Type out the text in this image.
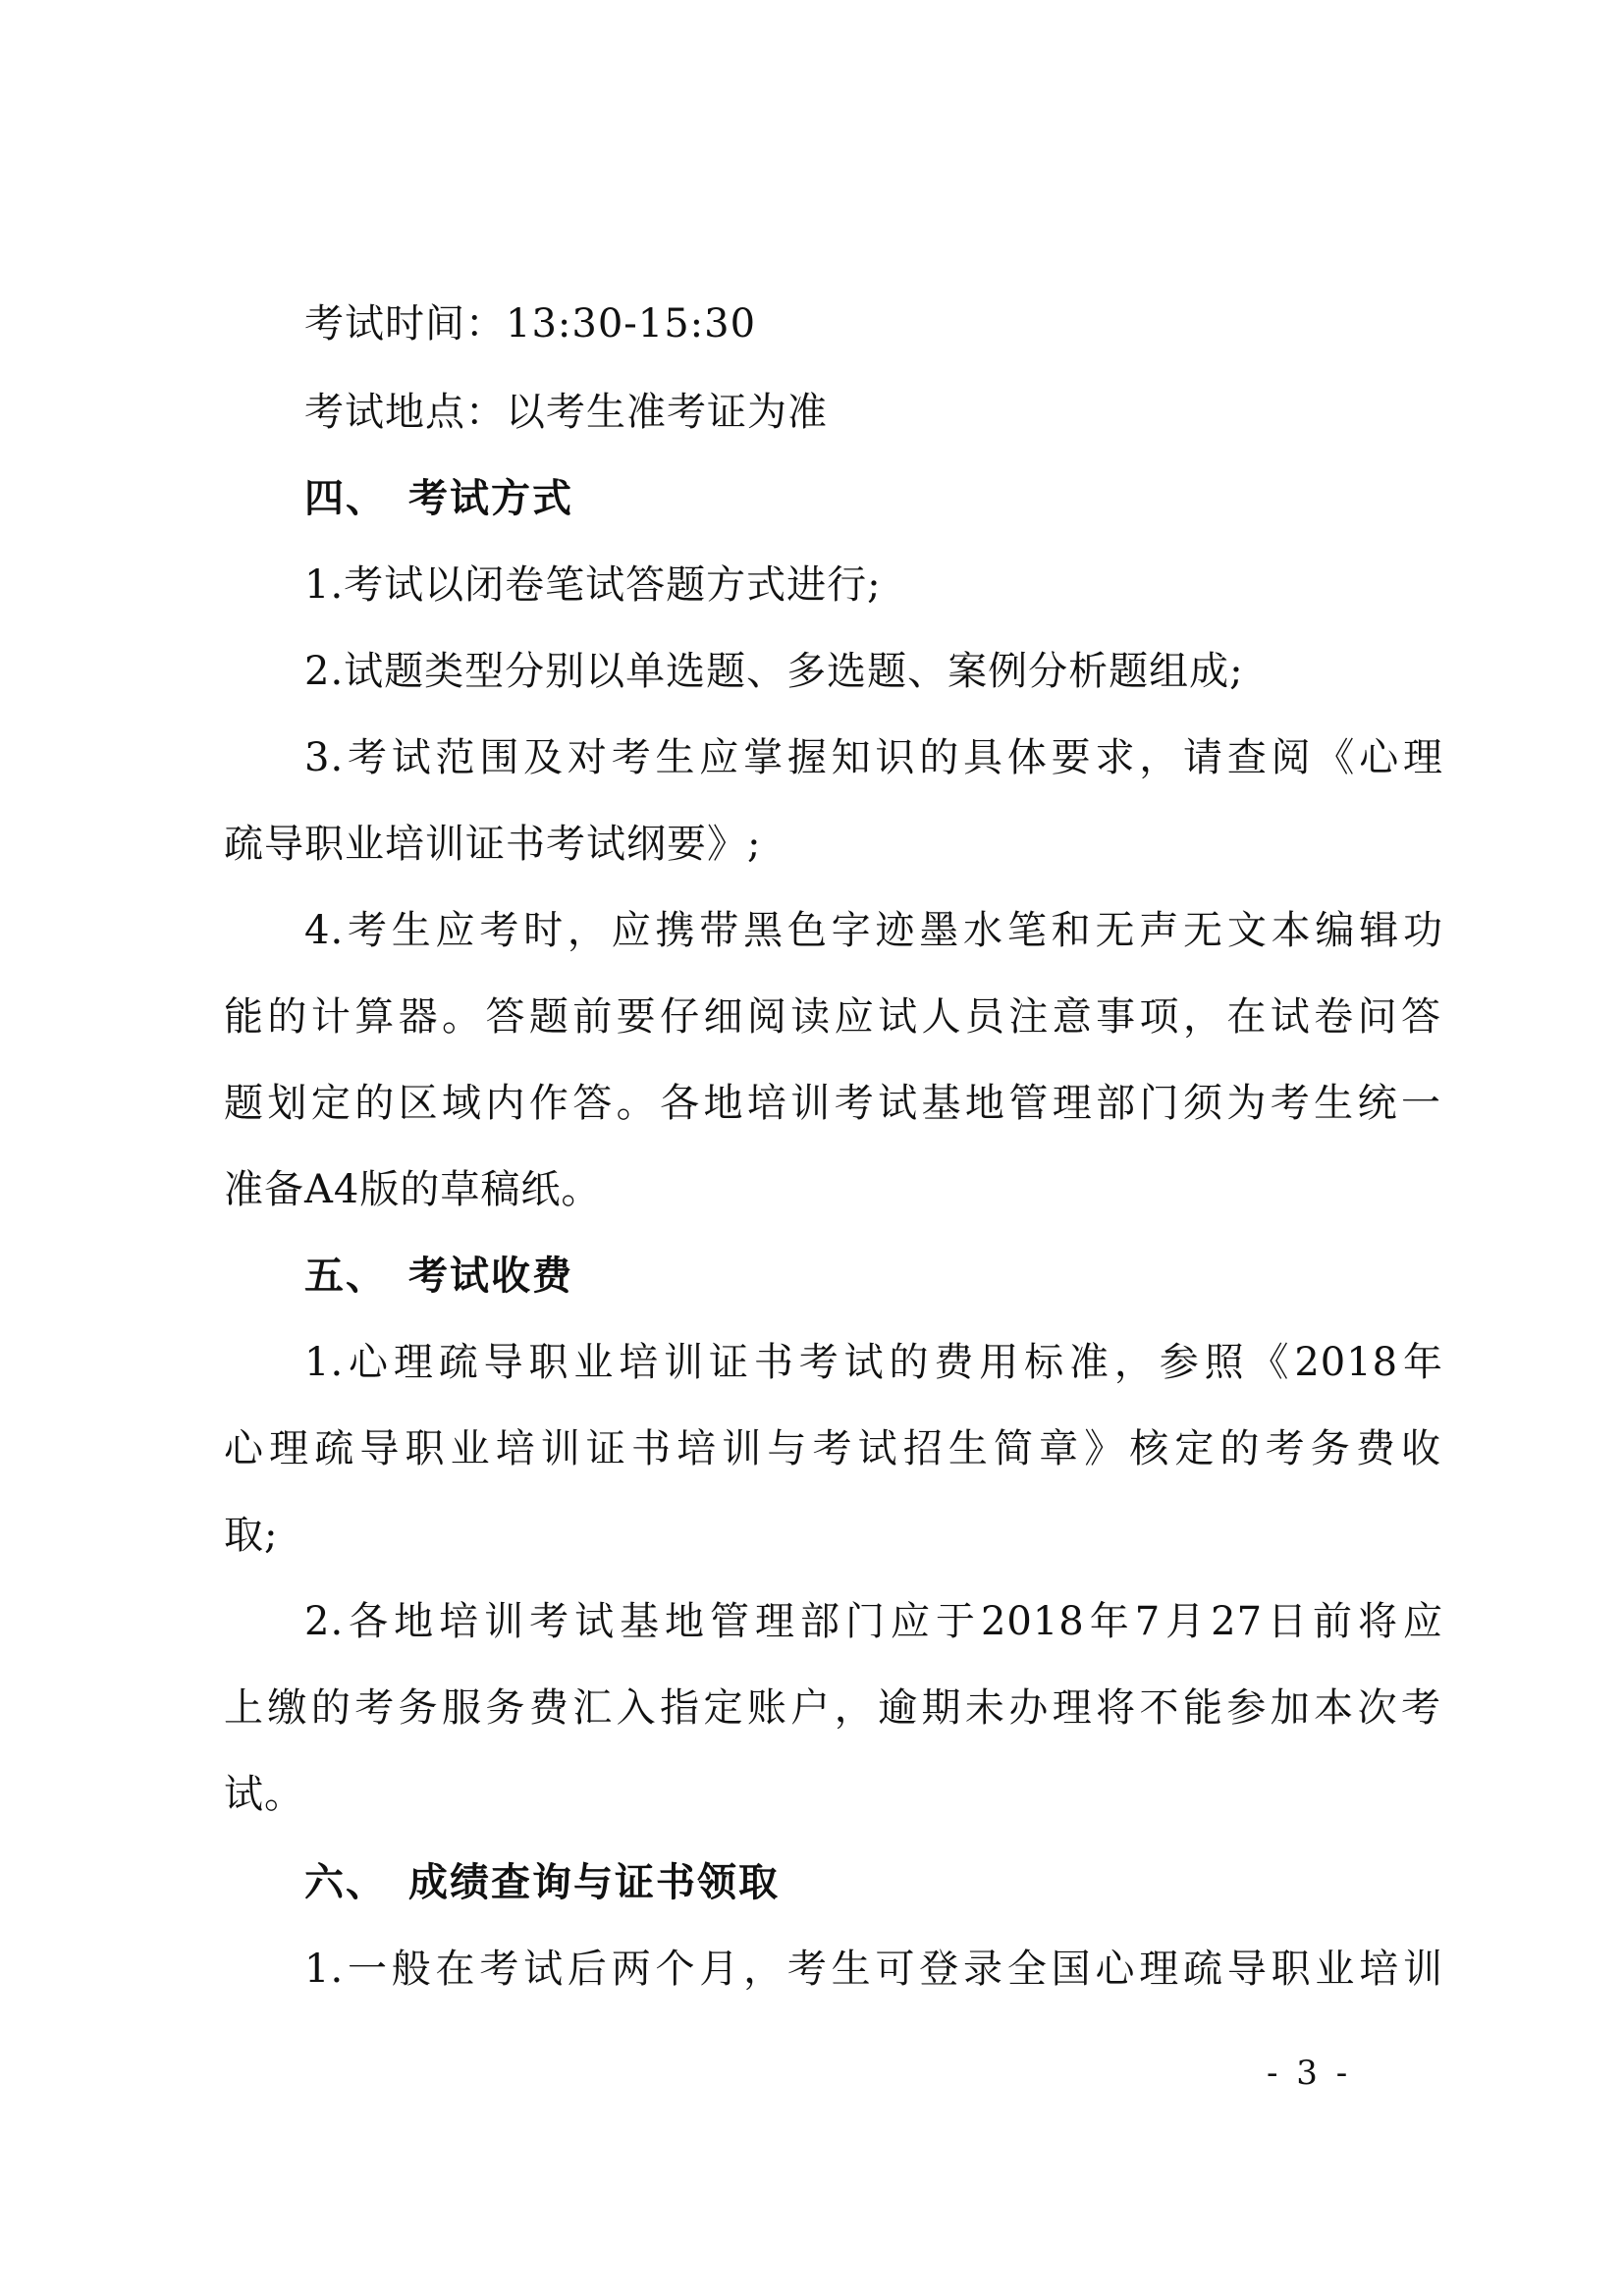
考试时间：13:30-15:30
考试地点：以考生准考证为准
四、 考试方式
1.考试以闭卷笔试答题方式进行;
2.试题类型分别以单选题、多选题、案例分析题组成;
3.考试范围及对考生应掌握知识的具体要求，请查阅《心理
疏导职业培训证书考试纲要》;
4.考生应考时，应携带黑色字迹墨水笔和无声无文本编辑功
能的计算器。答题前要仔细阅读应试人员注意事项，在试卷问答
题划定的区域内作答。各地培训考试基地管理部门须为考生统一
准备A4版的草稿纸。
五、 考试收费
1.心理疏导职业培训证书考试的费用标准，参照《2018年
心理疏导职业培训证书培训与考试招生简章》核定的考务费收
取;
2.各地培训考试基地管理部门应于2018年7月27日前将应
上缴的考务服务费汇入指定账户，逾期未办理将不能参加本次考
试。
六、 成绩查询与证书领取
1.一般在考试后两个月，考生可登录全国心理疏导职业培训
- 3 -
